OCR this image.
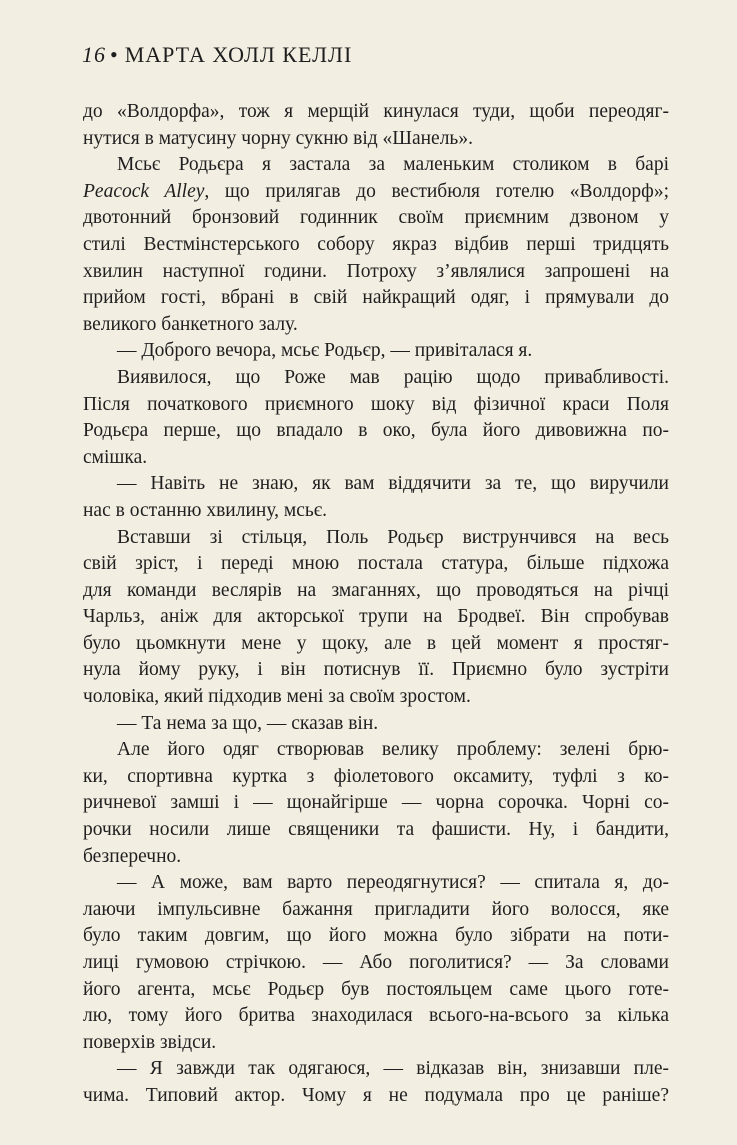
16 • МАРТА ХОЛЛ КЕЛЛІ
до «Волдорфа», тож я мерщій кинулася туди, щоби переодяг-
нутися в матусину чорну сукню від «Шанель».
Мсьє Родьєра я застала за маленьким столиком в барі
Peacock Alley, що прилягав до вестибюля готелю «Волдорф»;
двотонний бронзовий годинник своїм приємним дзвоном у
стилі Вестмінстерського собору якраз відбив перші тридцять
хвилин наступної години. Потроху з’являлися запрошені на
прийом гості, вбрані в свій найкращий одяг, і прямували до
великого банкетного залу.
— Доброго вечора, мсьє Родьєр, — привіталася я.
Виявилося, що Роже мав рацію щодо привабливості.
Після початкового приємного шоку від фізичної краси Поля
Родьєра перше, що впадало в око, була його дивовижна по-
смішка.
— Навіть не знаю, як вам віддячити за те, що виручили
нас в останню хвилину, мсьє.
Вставши зі стільця, Поль Родьєр виструнчився на весь
свій зріст, і переді мною постала статура, більше підхожа
для команди веслярів на змаганнях, що проводяться на річці
Чарльз, аніж для акторської трупи на Бродвеї. Він спробував
було цьомкнути мене у щоку, але в цей момент я простяг-
нула йому руку, і він потиснув її. Приємно було зустріти
чоловіка, який підходив мені за своїм зростом.
— Та нема за що, — сказав він.
Але його одяг створював велику проблему: зелені брю-
ки, спортивна куртка з фіолетового оксамиту, туфлі з ко-
ричневої замші і — щонайгірше — чорна сорочка. Чорні со-
рочки носили лише священики та фашисти. Ну, і бандити,
безперечно.
— А може, вам варто переодягнутися? — спитала я, до-
лаючи імпульсивне бажання пригладити його волосся, яке
було таким довгим, що його можна було зібрати на поти-
лиці гумовою стрічкою. — Або поголитися? — За словами
його агента, мсьє Родьєр був постояльцем саме цього готе-
лю, тому його бритва знаходилася всього-на-всього за кілька
поверхів звідси.
— Я завжди так одягаюся, — відказав він, знизавши пле-
чима. Типовий актор. Чому я не подумала про це раніше?
